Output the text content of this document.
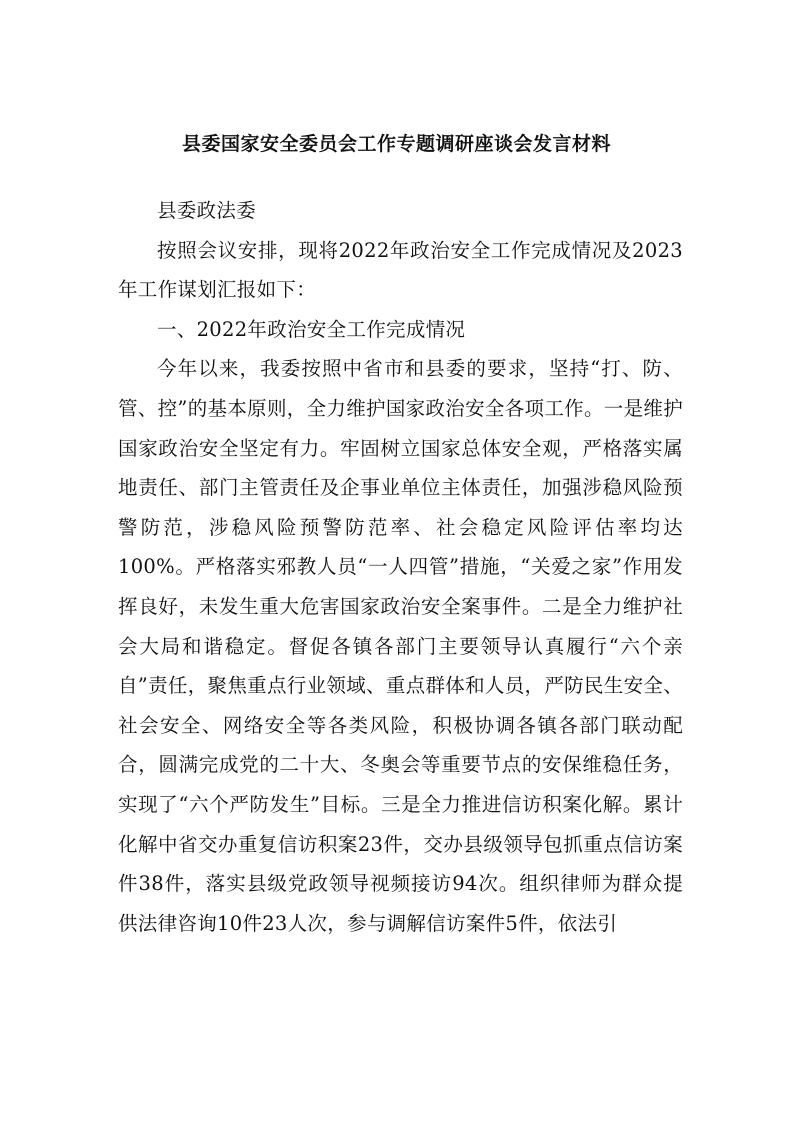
县委国家安全委员会工作专题调研座谈会发言材料

县委政法委

按照会议安排，现将2022年政治安全工作完成情况及2023年工作谋划汇报如下：

一、2022年政治安全工作完成情况

今年以来，我委按照中省市和县委的要求，坚持“打、防、管、控”的基本原则，全力维护国家政治安全各项工作。一是维护国家政治安全坚定有力。牢固树立国家总体安全观，严格落实属地责任、部门主管责任及企事业单位主体责任，加强涉稳风险预警防范，涉稳风险预警防范率、社会稳定风险评估率均达100%。严格落实邪教人员“一人四管”措施，“关爱之家”作用发挥良好，未发生重大危害国家政治安全案事件。二是全力维护社会大局和谐稳定。督促各镇各部门主要领导认真履行“六个亲自”责任，聚焦重点行业领域、重点群体和人员，严防民生安全、社会安全、网络安全等各类风险，积极协调各镇各部门联动配合，圆满完成党的二十大、冬奥会等重要节点的安保维稳任务，实现了“六个严防发生”目标。三是全力推进信访积案化解。累计化解中省交办重复信访积案23件，交办县级领导包抓重点信访案件38件，落实县级党政领导视频接访94次。组织律师为群众提供法律咨询10件23人次，参与调解信访案件5件，依法引
